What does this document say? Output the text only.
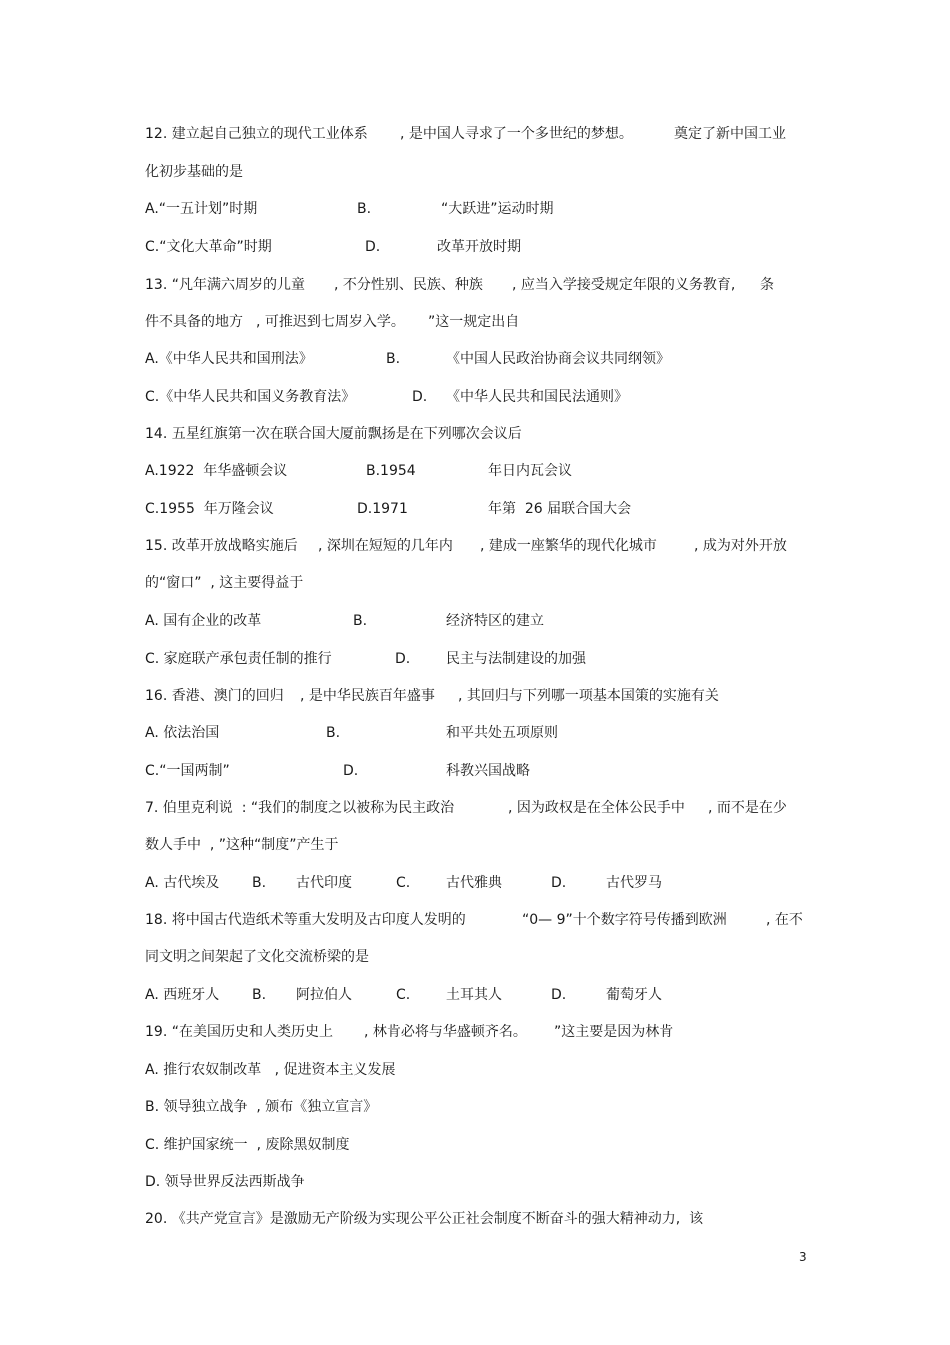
12. 建立起自己独立的现代工业体系 , 是中国人寻求了一个多世纪的梦想。	奠定了新中国工业
化初步基础的是
A.“一五计划”时期	B.	“大跃进”运动时期
C.“文化大革命”时期	D.	改革开放时期
13. “凡年满六周岁的儿童 , 不分性别、民族、种族 , 应当入学接受规定年限的义务教育, 条
件不具备的地方 , 可推迟到七周岁入学。 ”这一规定出自
A.《中华人民共和国刑法》	B.	《中国人民政治协商会议共同纲领》
C.《中华人民共和国义务教育法》	D. 《中华人民共和国民法通则》
14. 五星红旗第一次在联合国大厦前飘扬是在下列哪次会议后
A.1922  年华盛顿会议	B.1954	年日内瓦会议
C.1955  年万隆会议	D.1971	年第  26 届联合国大会
15. 改革开放战略实施后 , 深圳在短短的几年内 , 建成一座繁华的现代化城市	, 成为对外开放
的“窗口”  , 这主要得益于
A. 国有企业的改革	B.	经济特区的建立
C. 家庭联产承包责任制的推行	D.	民主与法制建设的加强
16. 香港、澳门的回归 , 是中华民族百年盛事 , 其回归与下列哪一项基本国策的实施有关
A. 依法治国	B.	和平共处五项原则
C.“一国两制”	D.	科教兴国战略
7. 伯里克利说  : “我们的制度之以被称为民主政治	, 因为政权是在全体公民手中 , 而不是在少
数人手中  , ”这种“制度”产生于
A. 古代埃及 B. 古代印度	C.	古代雅典	D.	古代罗马
18. 将中国古代造纸术等重大发明及古印度人发明的	“0— 9”十个数字符号传播到欧洲	, 在不
同文明之间架起了文化交流桥梁的是
A. 西班牙人 B. 阿拉伯人	C.	土耳其人	D.	葡萄牙人
19. “在美国历史和人类历史上 , 林肯必将与华盛顿齐名。 ”这主要是因为林肯
A. 推行农奴制改革   , 促进资本主义发展
B. 领导独立战争  , 颁布《独立宣言》
C. 维护国家统一  , 废除黑奴制度
D. 领导世界反法西斯战争
20. 《共产党宣言》是激励无产阶级为实现公平公正社会制度不断奋斗的强大精神动力,  该
3
